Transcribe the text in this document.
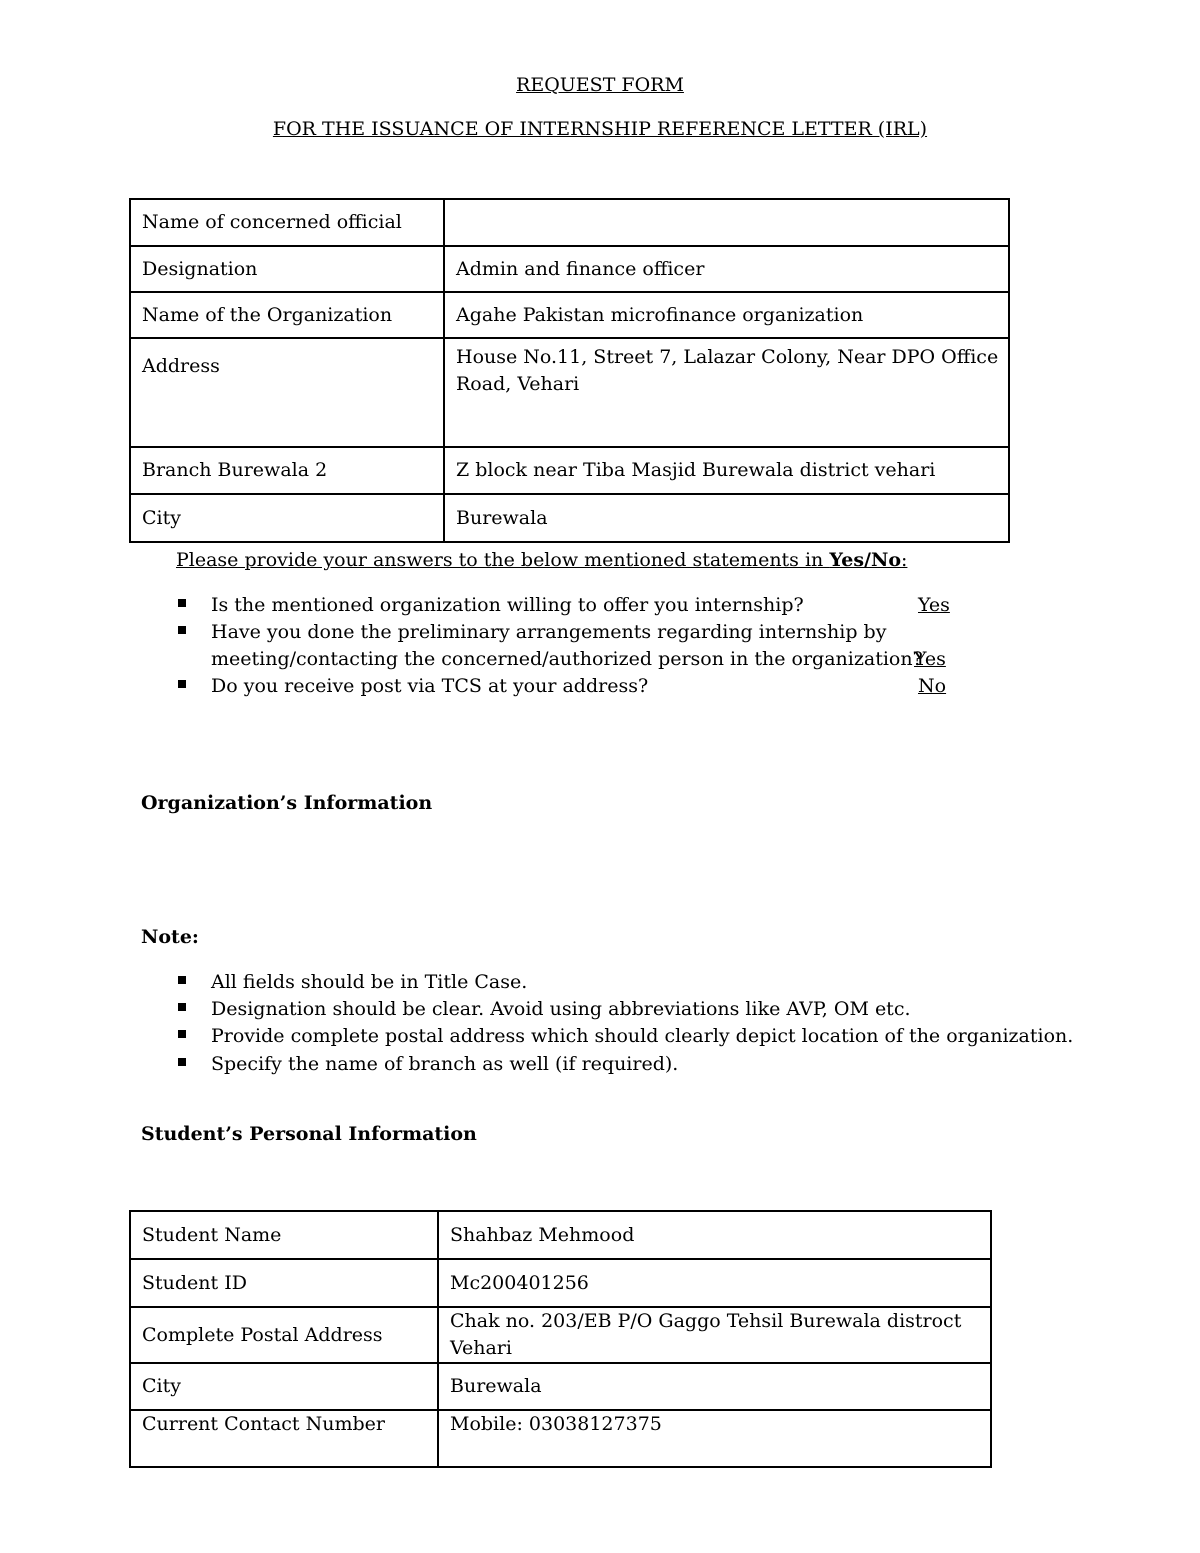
REQUEST FORM
FOR THE ISSUANCE OF INTERNSHIP REFERENCE LETTER (IRL)
Name of concerned official	
Designation	Admin and finance officer
Name of the Organization	Agahe Pakistan microfinance organization
Address	House No.11, Street 7, Lalazar Colony, Near DPO Office Road, Vehari
Branch Burewala 2	Z block near Tiba Masjid Burewala district vehari
City	Burewala
Please provide your answers to the below mentioned statements in Yes/No:
Is the mentioned organization willing to offer you internship?	Yes
Have you done the preliminary arrangements regarding internship by
meeting/contacting the concerned/authorized person in the organization?
Yes
Do you receive post via TCS at your address?	No
Organization’s Information
Note:
All fields should be in Title Case.
Designation should be clear. Avoid using abbreviations like AVP, OM etc.
Provide complete postal address which should clearly depict location of the organization.
Specify the name of branch as well (if required).
Student’s Personal Information
Student Name	Shahbaz Mehmood
Student ID	Mc200401256
Complete Postal Address	Chak no. 203/EB P/O Gaggo Tehsil Burewala distroct Vehari
City	Burewala
Current Contact Number	Mobile: 03038127375
